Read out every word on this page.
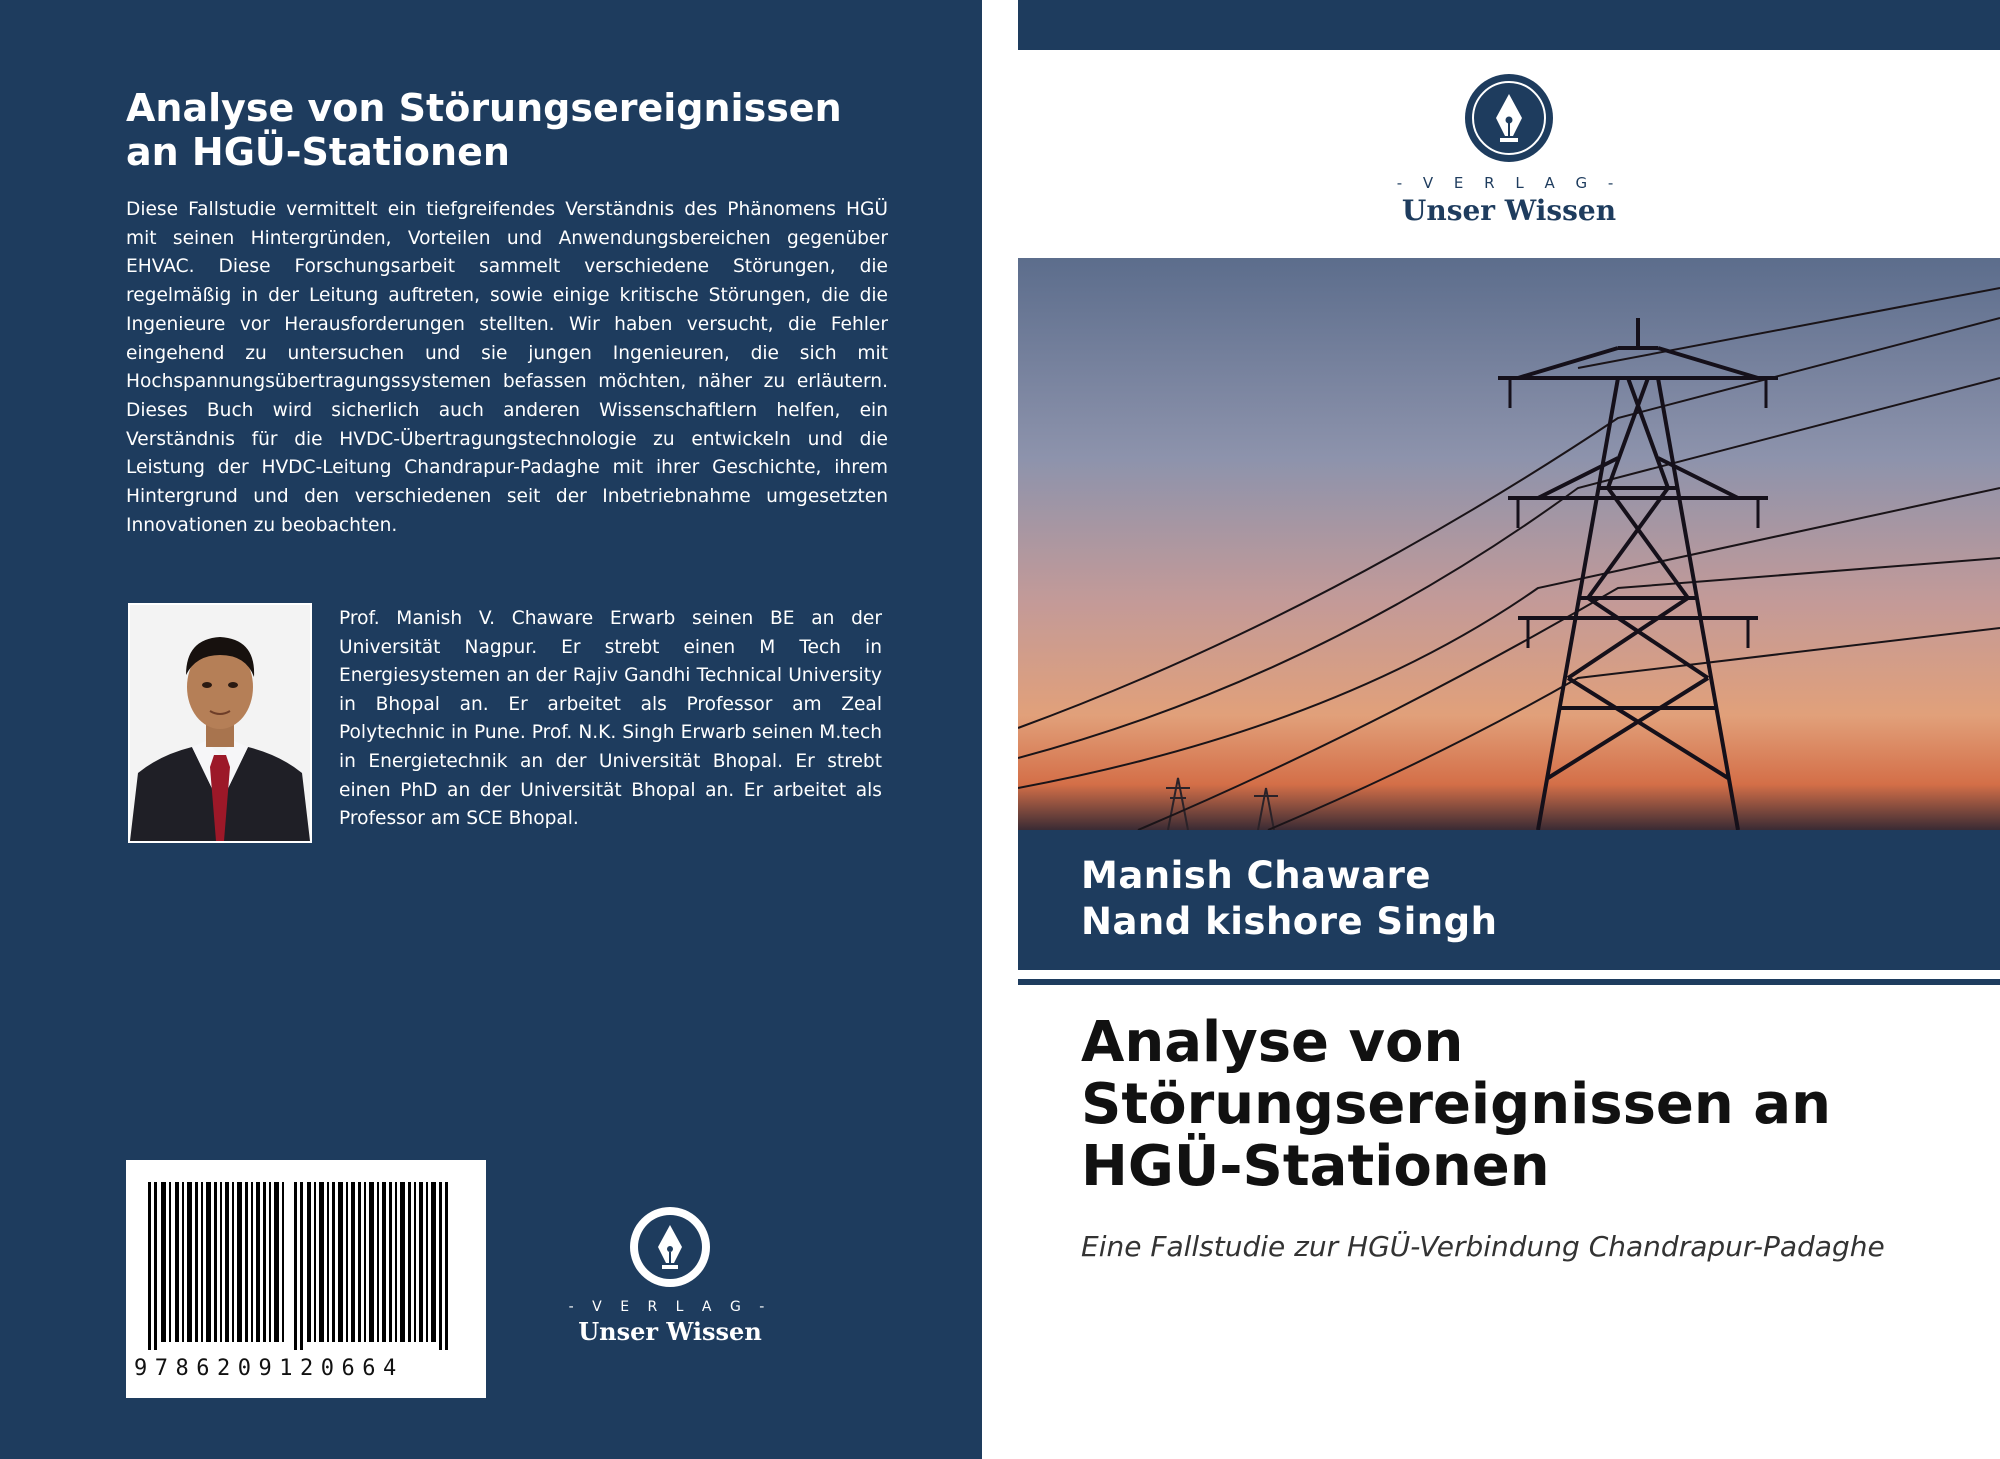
Analyse von Störungsereignissen an HGÜ-Stationen

Diese Fallstudie vermittelt ein tiefgreifendes Verständnis des Phänomens HGÜ mit seinen Hintergründen, Vorteilen und Anwendungsbereichen gegenüber EHVAC. Diese Forschungsarbeit sammelt verschiedene Störungen, die regelmäßig in der Leitung auftreten, sowie einige kritische Störungen, die die Ingenieure vor Herausforderungen stellten. Wir haben versucht, die Fehler eingehend zu untersuchen und sie jungen Ingenieuren, die sich mit Hochspannungsübertragungssystemen befassen möchten, näher zu erläutern. Dieses Buch wird sicherlich auch anderen Wissenschaftlern helfen, ein Verständnis für die HVDC-Übertragungstechnologie zu entwickeln und die Leistung der HVDC-Leitung Chandrapur-Padaghe mit ihrer Geschichte, ihrem Hintergrund und den verschiedenen seit der Inbetriebnahme umgesetzten Innovationen zu beobachten.

Prof. Manish V. Chaware Erwarb seinen BE an der Universität Nagpur. Er strebt einen M Tech in Energiesystemen an der Rajiv Gandhi Technical University in Bhopal an. Er arbeitet als Professor am Zeal Polytechnic in Pune. Prof. N.K. Singh Erwarb seinen M.tech in Energietechnik an der Universität Bhopal. Er strebt einen PhD an der Universität Bhopal an. Er arbeitet als Professor am SCE Bhopal.

9786209120664
- V E R L A G -
Unser Wissen
- V E R L A G -
Unser Wissen

Manish Chaware

Nand kishore Singh

Analyse von Störungsereignissen an HGÜ-Stationen

Eine Fallstudie zur HGÜ-Verbindung Chandrapur-Padaghe
